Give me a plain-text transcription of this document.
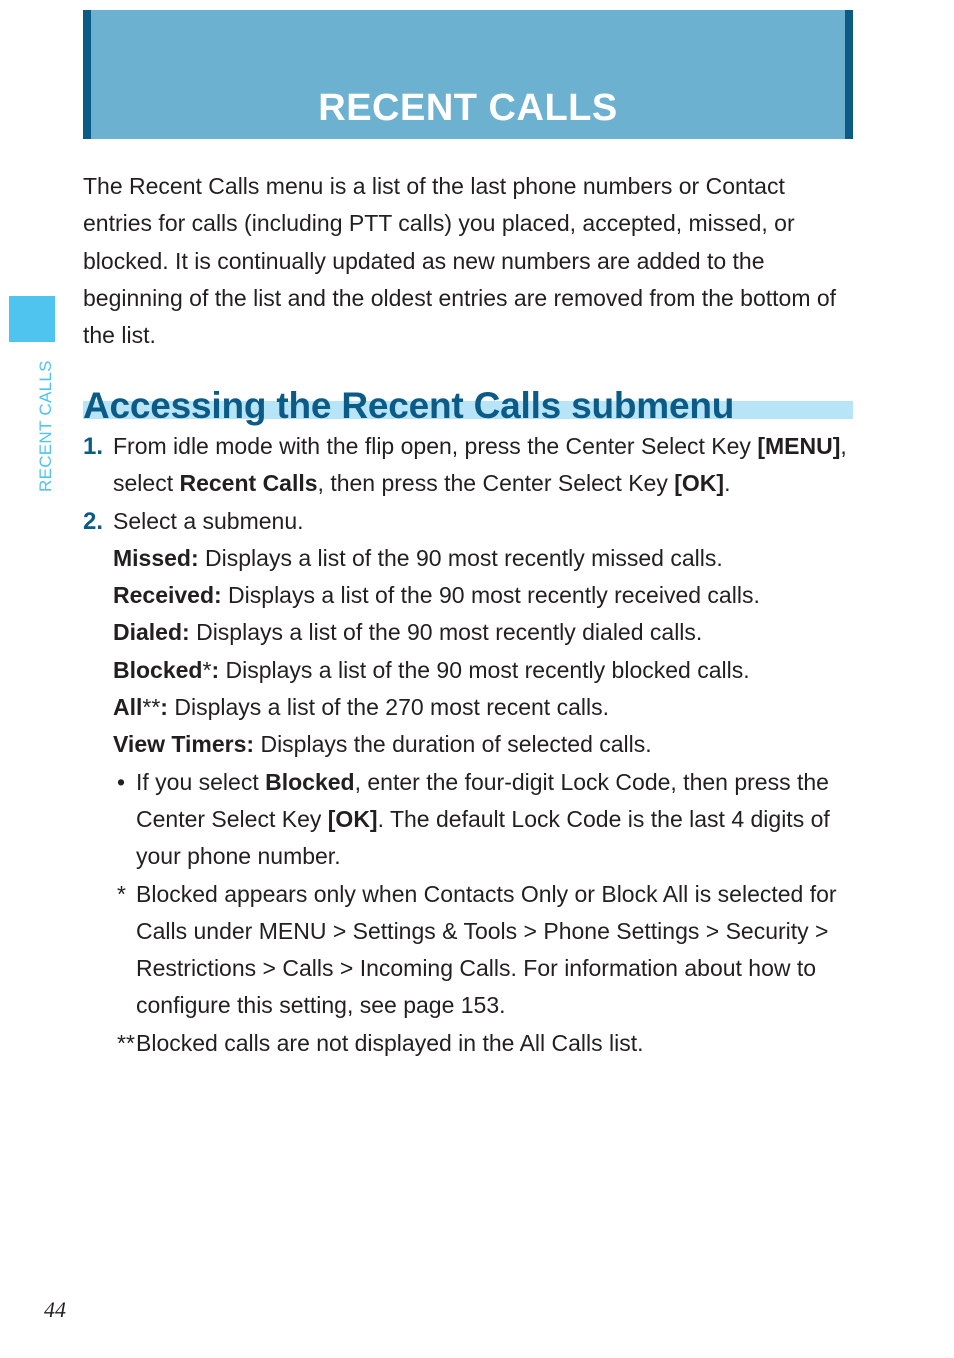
RECENT CALLS
RECENT CALLS

The Recent Calls menu is a list of the last phone numbers or Contact entries for calls (including PTT calls) you placed, accepted, missed, or blocked. It is continually updated as new numbers are added to the beginning of the list and the oldest entries are removed from the bottom of the list.

Accessing the Recent Calls submenu
1. From idle mode with the flip open, press the Center Select Key [MENU], select Recent Calls, then press the Center Select Key [OK].
2. Select a submenu.

Missed: Displays a list of the 90 most recently missed calls.

Received: Displays a list of the 90 most recently received calls.

Dialed: Displays a list of the 90 most recently dialed calls.

Blocked*: Displays a list of the 90 most recently blocked calls.

All**: Displays a list of the 270 most recent calls.

View Timers: Displays the duration of selected calls.

• If you select Blocked, enter the four-digit Lock Code, then press the Center Select Key [OK]. The default Lock Code is the last 4 digits of your phone number.
* Blocked appears only when Contacts Only or Block All is selected for Calls under MENU > Settings & Tools > Phone Settings > Security > Restrictions > Calls > Incoming Calls. For information about how to configure this setting, see page 153.
** Blocked calls are not displayed in the All Calls list.
44
